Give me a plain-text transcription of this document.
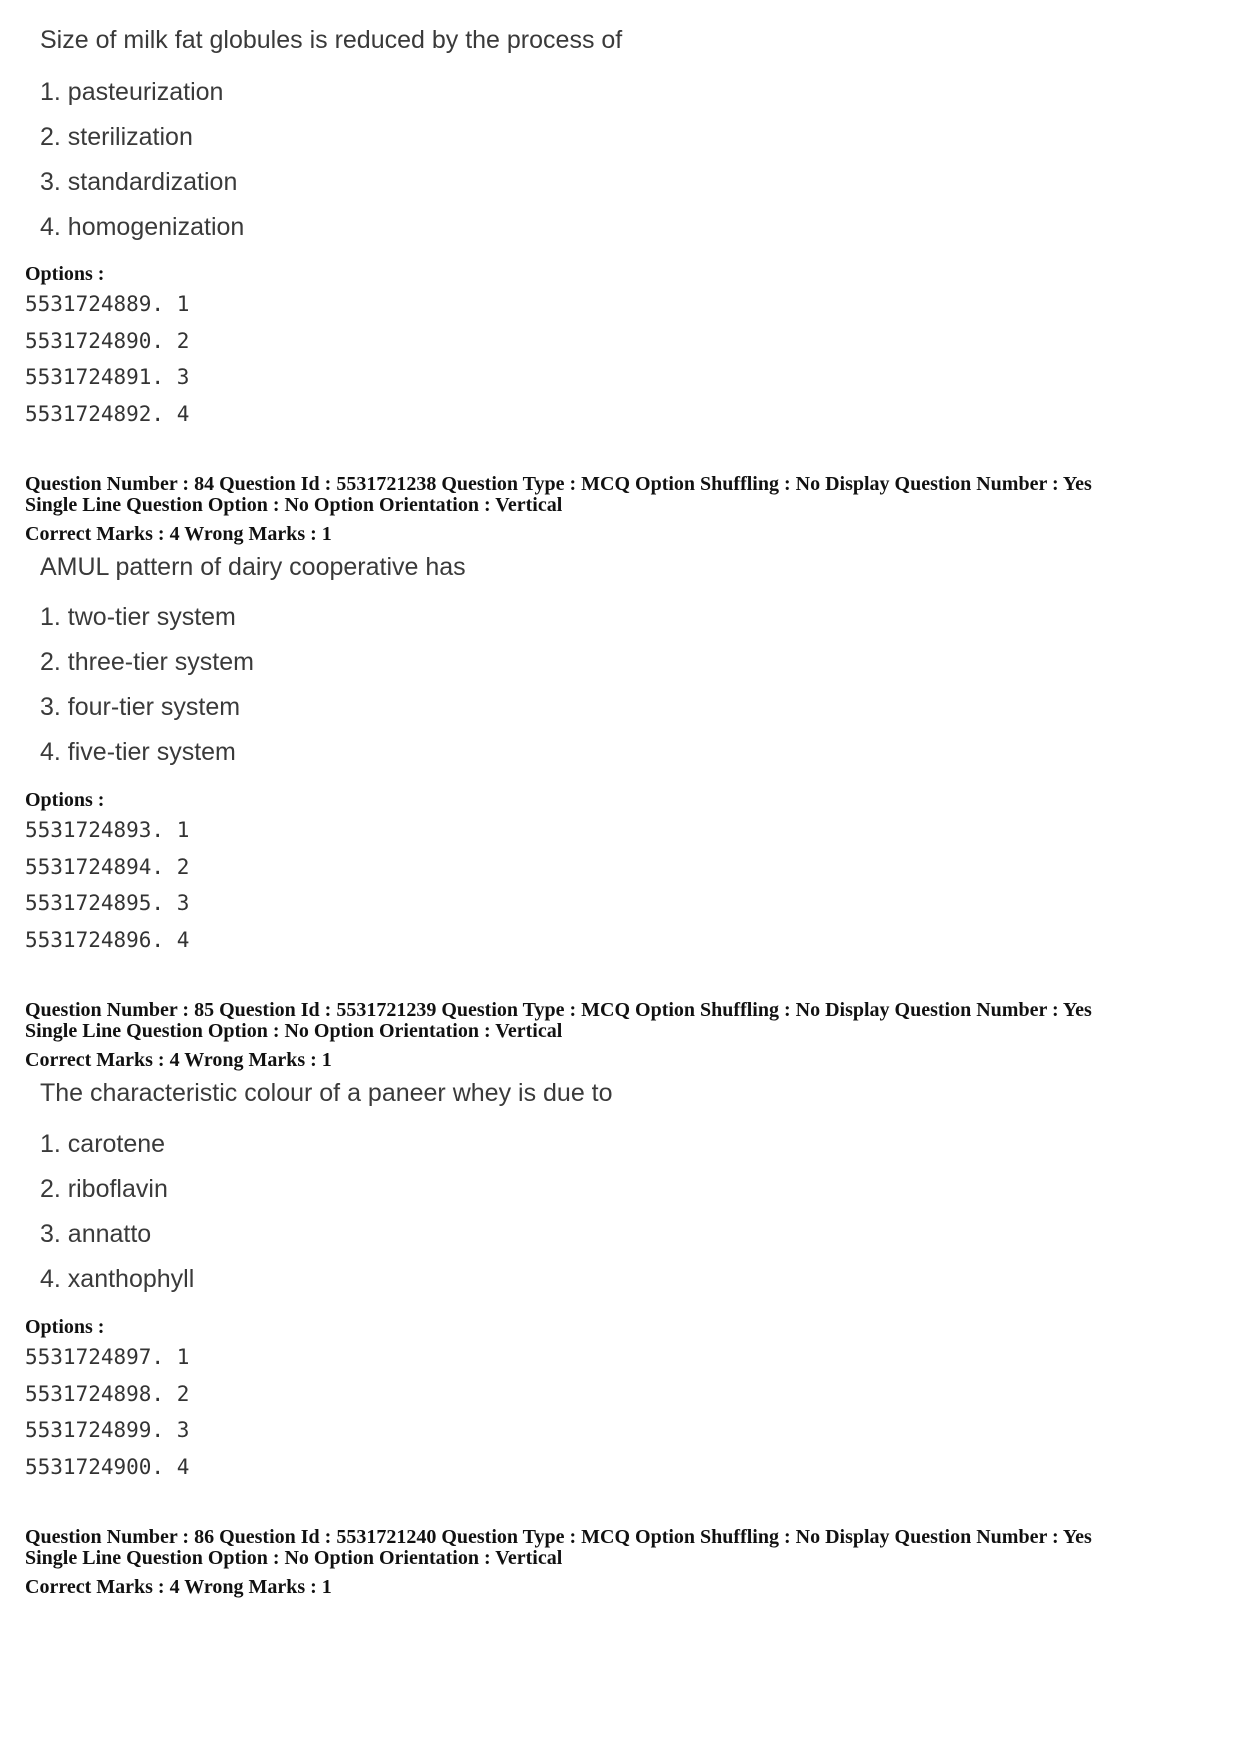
Size of milk fat globules is reduced by the process of
1. pasteurization
2. sterilization
3. standardization
4. homogenization
Options :
5531724889. 1
5531724890. 2
5531724891. 3
5531724892. 4
Question Number : 84 Question Id : 5531721238 Question Type : MCQ Option Shuffling : No Display Question Number : Yes
Single Line Question Option : No Option Orientation : Vertical
Correct Marks : 4 Wrong Marks : 1
AMUL pattern of dairy cooperative has
1. two-tier system
2. three-tier system
3. four-tier system
4. five-tier system
Options :
5531724893. 1
5531724894. 2
5531724895. 3
5531724896. 4
Question Number : 85 Question Id : 5531721239 Question Type : MCQ Option Shuffling : No Display Question Number : Yes
Single Line Question Option : No Option Orientation : Vertical
Correct Marks : 4 Wrong Marks : 1
The characteristic colour of a paneer whey is due to
1. carotene
2. riboflavin
3. annatto
4. xanthophyll
Options :
5531724897. 1
5531724898. 2
5531724899. 3
5531724900. 4
Question Number : 86 Question Id : 5531721240 Question Type : MCQ Option Shuffling : No Display Question Number : Yes
Single Line Question Option : No Option Orientation : Vertical
Correct Marks : 4 Wrong Marks : 1
